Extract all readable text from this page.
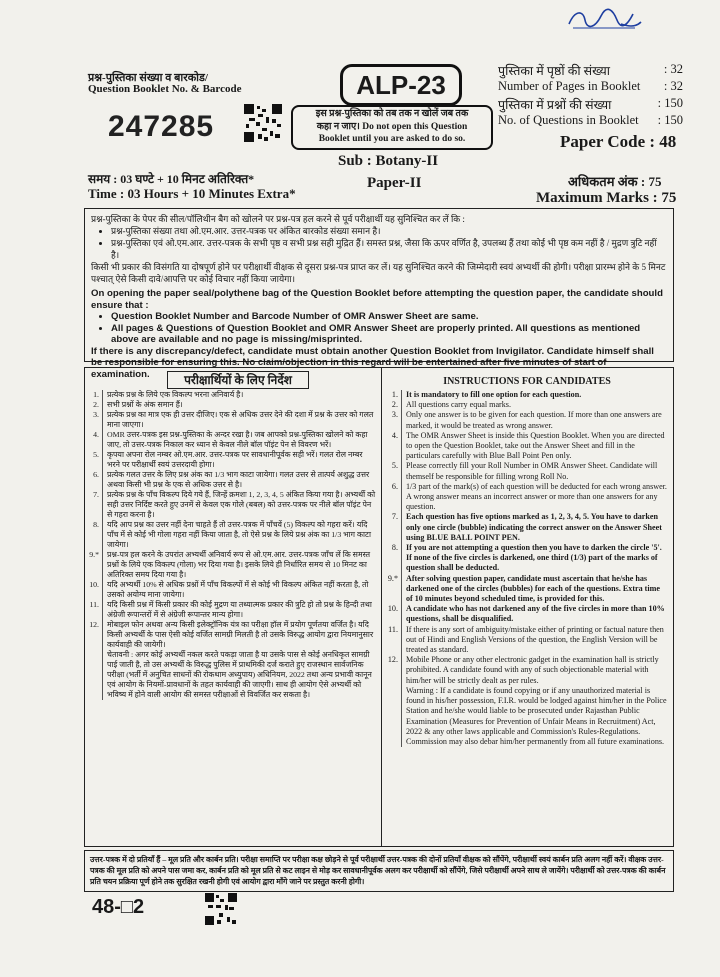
प्रश्न-पुस्तिका संख्या व बारकोड/
Question Booklet No. & Barcode
247285
ALP-23
इस प्रश्न-पुस्तिका को तब तक न खोलें जब तक
कहा न जाए। Do not open this Question
Booklet until you are asked to do so.
पुस्तिका में पृष्ठों की संख्या	: 32
Number of Pages in Booklet : 32
पुस्तिका में प्रश्नों की संख्या	: 150
No. of Questions in Booklet : 150
Paper Code : 48
Sub : Botany-II
Paper-II
समय : 03 घण्टे + 10 मिनट अतिरिक्त*
Time : 03 Hours + 10 Minutes Extra*
अधिकतम अंक : 75
Maximum Marks : 75
प्रश्न-पुस्तिका के पेपर की सील/पॉलिथीन बैग को खोलने पर प्रश्न-पत्र हल करने से पूर्व परीक्षार्थी यह सुनिश्चित कर लें कि :
• प्रश्न-पुस्तिका संख्या तथा ओ.एम.आर. उत्तर-पत्रक पर अंकित बारकोड संख्या समान है।
• प्रश्न-पुस्तिका एवं ओ.एम.आर. उत्तर-पत्रक के सभी पृष्ठ व सभी प्रश्न सही मुद्रित हैं। समस्त प्रश्न, जैसा कि ऊपर वर्णित है, उपलब्ध हैं तथा कोई भी पृष्ठ कम नहीं है / मुद्रण त्रुटि नहीं है।
किसी भी प्रकार की विसंगति या दोषपूर्ण होने पर परीक्षार्थी वीक्षक से दूसरा प्रश्न-पत्र प्राप्त कर लें। यह सुनिश्चित करने की जिम्मेदारी स्वयं अभ्यर्थी की होगी। परीक्षा प्रारम्भ होने के 5 मिनट पश्चात् ऐसे किसी दावे/आपत्ति पर कोई विचार नहीं किया जायेगा।
On opening the paper seal/polythene bag of the Question Booklet before attempting the question paper, the candidate should ensure that :
• Question Booklet Number and Barcode Number of OMR Answer Sheet are same.
• All pages & Questions of Question Booklet and OMR Answer Sheet are properly printed. All questions as mentioned above are available and no page is missing/misprinted.
If there is any discrepancy/defect, candidate must obtain another Question Booklet from Invigilator. Candidate himself shall be responsible for ensuring this. No claim/objection in this regard will be entertained after five minutes of start of examination.	परीक्षार्थियों के लिए निर्देश
1.	प्रत्येक प्रश्न के लिये एक विकल्प भरना अनिवार्य है।
2.	सभी प्रश्नों के अंक समान हैं।
3.	प्रत्येक प्रश्न का मात्र एक ही उत्तर दीजिए। एक से अधिक उत्तर देने की दशा में प्रश्न के उत्तर को गलत माना जाएगा।
4.	OMR उत्तर-पत्रक इस प्रश्न-पुस्तिका के अन्दर रखा है। जब आपको प्रश्न-पुस्तिका खोलने को कहा जाए, तो उत्तर-पत्रक निकाल कर ध्यान से केवल नीले बॉल पॉइंट पेन से विवरण भरें।
5.	कृपया अपना रोल नम्बर ओ.एम.आर. उत्तर-पत्रक पर सावधानीपूर्वक सही भरें। गलत रोल नम्बर भरने पर परीक्षार्थी स्वयं उत्तरदायी होगा।
6.	प्रत्येक गलत उत्तर के लिए प्रश्न अंक का 1/3 भाग काटा जायेगा। गलत उत्तर से तात्पर्य अशुद्ध उत्तर अथवा किसी भी प्रश्न के एक से अधिक उत्तर से है।
7.	प्रत्येक प्रश्न के पाँच विकल्प दिये गये हैं, जिन्हें क्रमशः 1, 2, 3, 4, 5 अंकित किया गया है। अभ्यर्थी को सही उत्तर निर्दिष्ट करते हुए उनमें से केवल एक गोले (बबल) को उत्तर-पत्रक पर नीले बॉल पॉइंट पेन से गहरा करना है।
8.	यदि आप प्रश्न का उत्तर नहीं देना चाहते हैं तो उत्तर-पत्रक में पाँचवें (5) विकल्प को गहरा करें। यदि पाँच में से कोई भी गोला गहरा नहीं किया जाता है, तो ऐसे प्रश्न के लिये प्रश्न अंक का 1/3 भाग काटा जायेगा।
9.*	प्रश्न-पत्र हल करने के उपरांत अभ्यर्थी अनिवार्य रूप से ओ.एम.आर. उत्तर-पत्रक जाँच लें कि समस्त प्रश्नों के लिये एक विकल्प (गोला) भर दिया गया है। इसके लिये ही निर्धारित समय से 10 मिनट का अतिरिक्त समय दिया गया है।
10.	यदि अभ्यर्थी 10% से अधिक प्रश्नों में पाँच विकल्पों में से कोई भी विकल्प अंकित नहीं करता है, तो उसको अयोग्य माना जायेगा।
11.	यदि किसी प्रश्न में किसी प्रकार की कोई मुद्रण या तथ्यात्मक प्रकार की त्रुटि हो तो प्रश्न के हिन्दी तथा अंग्रेजी रूपान्तरों में से अंग्रेजी रूपान्तर मान्य होगा।
12.	मोबाइल फोन अथवा अन्य किसी इलेक्ट्रॉनिक यंत्र का परीक्षा हॉल में प्रयोग पूर्णतया वर्जित है। यदि किसी अभ्यर्थी के पास ऐसी कोई वर्जित सामग्री मिलती है तो उसके विरुद्ध आयोग द्वारा नियमानुसार कार्यवाही की जायेगी।
चेतावनी : अगर कोई अभ्यर्थी नकल करते पकड़ा जाता है या उसके पास से कोई अनधिकृत सामग्री पाई जाती है, तो उस अभ्यर्थी के विरुद्ध पुलिस में प्राथमिकी दर्ज कराते हुए राजस्थान सार्वजनिक परीक्षा (भर्ती में अनुचित साधनों की रोकथाम अध्युपाय) अधिनियम, 2022 तथा अन्य प्रभावी कानून एवं आयोग के नियमों-प्रावधानों के तहत कार्यवाही की जाएगी। साथ ही आयोग ऐसे अभ्यर्थी को भविष्य में होने वाली आयोग की समस्त परीक्षाओं से विवर्जित कर सकता है।
INSTRUCTIONS FOR CANDIDATES
1. It is mandatory to fill one option for each question.
2. All questions carry equal marks.
3. Only one answer is to be given for each question. If more than one answers are marked, it would be treated as wrong answer.
4. The OMR Answer Sheet is inside this Question Booklet. When you are directed to open the Question Booklet, take out the Answer Sheet and fill in the particulars carefully with Blue Ball Point Pen only.
5. Please correctly fill your Roll Number in OMR Answer Sheet. Candidate will themself be responsible for filling wrong Roll No.
6. 1/3 part of the mark(s) of each question will be deducted for each wrong answer. A wrong answer means an incorrect answer or more than one answers for any question.
7. Each question has five options marked as 1, 2, 3, 4, 5. You have to darken only one circle (bubble) indicating the correct answer on the Answer Sheet using BLUE BALL POINT PEN.
8. If you are not attempting a question then you have to darken the circle '5'. If none of the five circles is darkened, one third (1/3) part of the marks of question shall be deducted.
9.* After solving question paper, candidate must ascertain that he/she has darkened one of the circles (bubbles) for each of the questions. Extra time of 10 minutes beyond scheduled time, is provided for this.
10. A candidate who has not darkened any of the five circles in more than 10% questions, shall be disqualified.
11. If there is any sort of ambiguity/mistake either of printing or factual nature then out of Hindi and English Versions of the question, the English Version will be treated as standard.
12. Mobile Phone or any other electronic gadget in the examination hall is strictly prohibited. A candidate found with any of such objectionable material with him/her will be strictly dealt as per rules.
Warning : If a candidate is found copying or if any unauthorized material is found in his/her possession, F.I.R. would be lodged against him/her in the Police Station and he/she would liable to be prosecuted under Rajasthan Public Examination (Measures for Prevention of Unfair Means in Recruitment) Act, 2022 & any other laws applicable and Commission's Rules-Regulations. Commission may also debar him/her permanently from all future examinations.
उत्तर-पत्रक में दो प्रतियाँ हैं – मूल प्रति और कार्बन प्रति। परीक्षा समाप्ति पर परीक्षा कक्ष छोड़ने से पूर्व परीक्षार्थी उत्तर-पत्रक की दोनों प्रतियाँ वीक्षक को सौंपेंगे, परीक्षार्थी स्वयं कार्बन प्रति अलग नहीं करें। वीक्षक उत्तर-पत्रक की मूल प्रति को अपने पास जमा कर, कार्बन प्रति को मूल प्रति से कट लाइन से मोड़ कर सावधानीपूर्वक अलग कर परीक्षार्थी को सौंपेंगे, जिसे परीक्षार्थी अपने साथ ले जायेंगे। परीक्षार्थी को उत्तर-पत्रक की कार्बन प्रति चयन प्रक्रिया पूर्ण होने तक सुरक्षित रखनी होगी एवं आयोग द्वारा माँगे जाने पर प्रस्तुत करनी होगी।
48-□2
